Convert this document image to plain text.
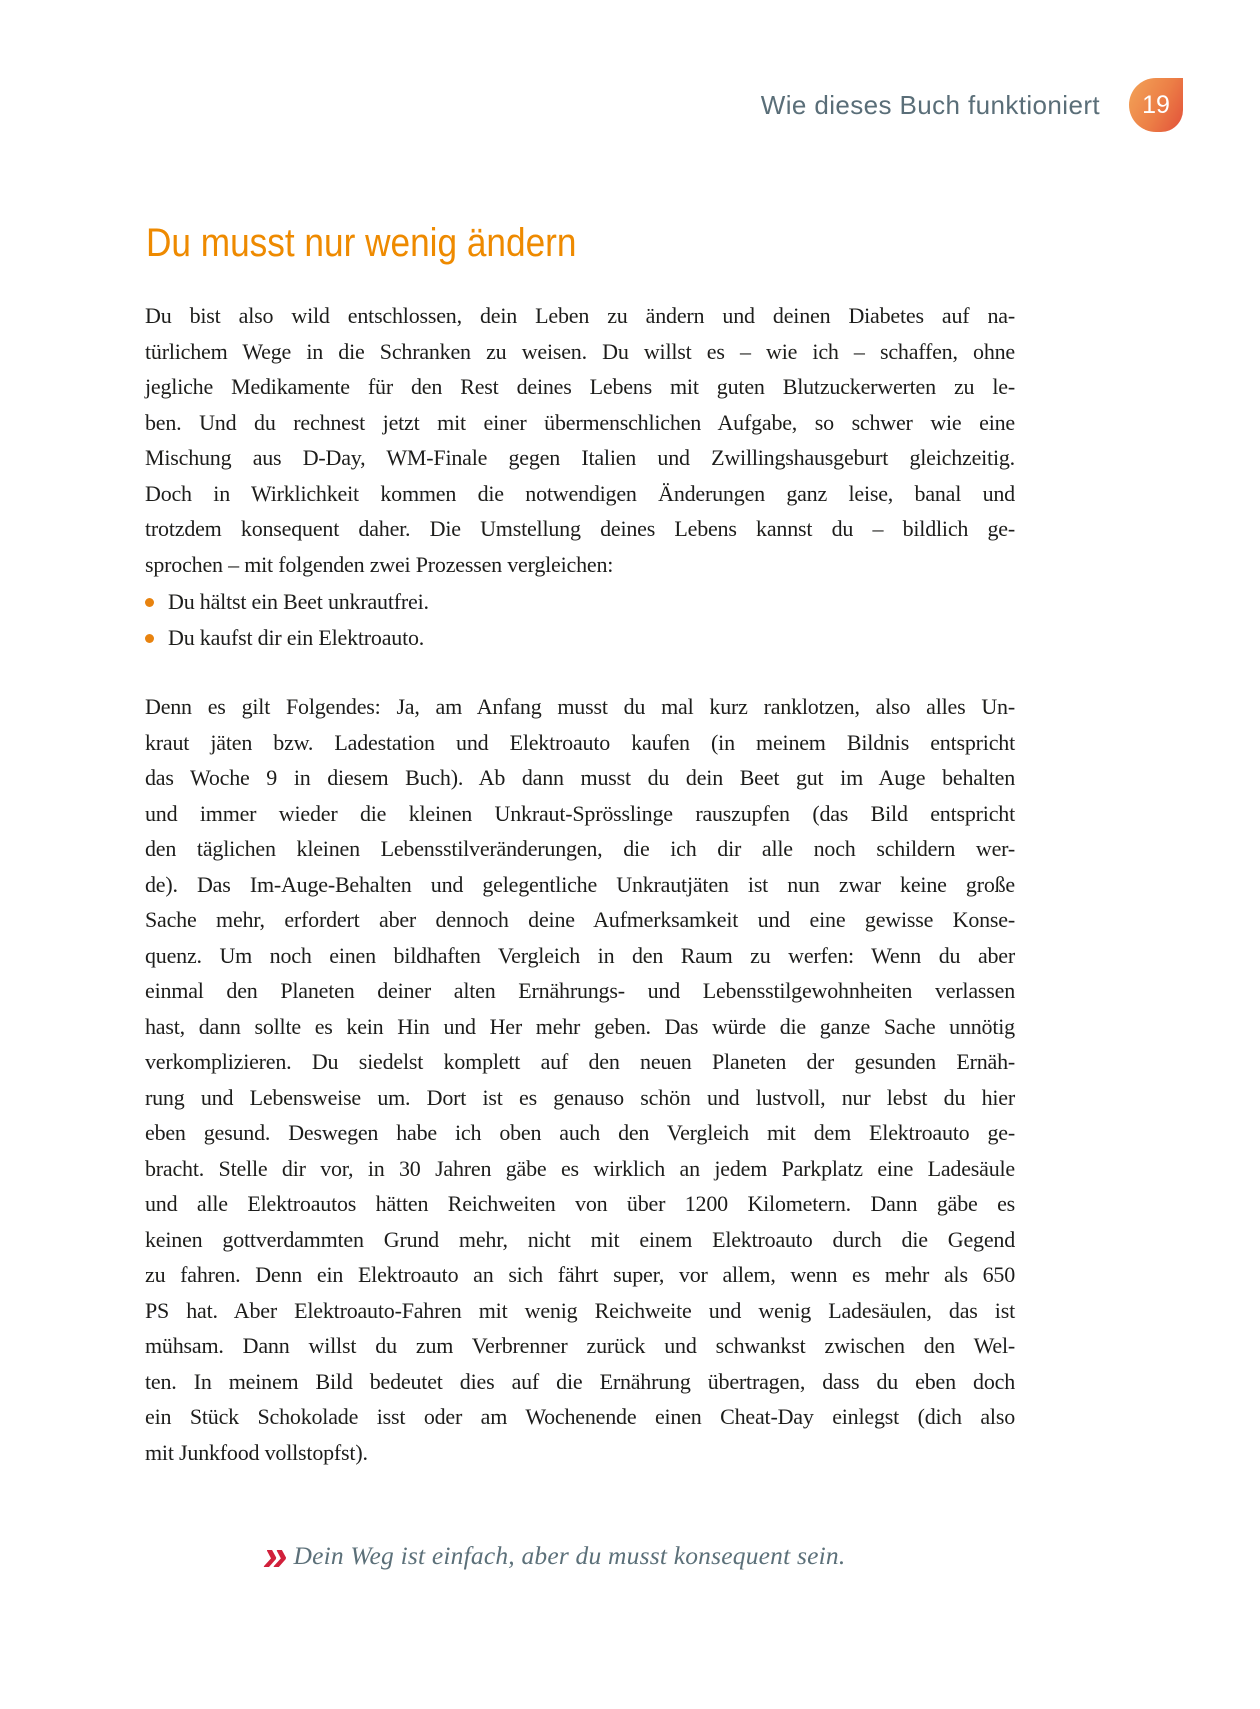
Wie dieses Buch funktioniert 19
Du musst nur wenig ändern
Du bist also wild entschlossen, dein Leben zu ändern und deinen Diabetes auf na-
türlichem Wege in die Schranken zu weisen. Du willst es – wie ich – schaffen, ohne
jegliche Medikamente für den Rest deines Lebens mit guten Blutzuckerwerten zu le-
ben. Und du rechnest jetzt mit einer übermenschlichen Aufgabe, so schwer wie eine
Mischung aus D-Day, WM-Finale gegen Italien und Zwillingshausgeburt gleichzeitig.
Doch in Wirklichkeit kommen die notwendigen Änderungen ganz leise, banal und
trotzdem konsequent daher. Die Umstellung deines Lebens kannst du – bildlich ge-
sprochen – mit folgenden zwei Prozessen vergleichen:
Du hältst ein Beet unkrautfrei.
Du kaufst dir ein Elektroauto.
Denn es gilt Folgendes: Ja, am Anfang musst du mal kurz ranklotzen, also alles Un-
kraut jäten bzw. Ladestation und Elektroauto kaufen (in meinem Bildnis entspricht
das Woche 9 in diesem Buch). Ab dann musst du dein Beet gut im Auge behalten
und immer wieder die kleinen Unkraut-Sprösslinge rauszupfen (das Bild entspricht
den täglichen kleinen Lebensstilveränderungen, die ich dir alle noch schildern wer-
de). Das Im-Auge-Behalten und gelegentliche Unkrautjäten ist nun zwar keine große
Sache mehr, erfordert aber dennoch deine Aufmerksamkeit und eine gewisse Konse-
quenz. Um noch einen bildhaften Vergleich in den Raum zu werfen: Wenn du aber
einmal den Planeten deiner alten Ernährungs- und Lebensstilgewohnheiten verlassen
hast, dann sollte es kein Hin und Her mehr geben. Das würde die ganze Sache unnötig
verkomplizieren. Du siedelst komplett auf den neuen Planeten der gesunden Ernäh-
rung und Lebensweise um. Dort ist es genauso schön und lustvoll, nur lebst du hier
eben gesund. Deswegen habe ich oben auch den Vergleich mit dem Elektroauto ge-
bracht. Stelle dir vor, in 30 Jahren gäbe es wirklich an jedem Parkplatz eine Ladesäule
und alle Elektroautos hätten Reichweiten von über 1200 Kilometern. Dann gäbe es
keinen gottverdammten Grund mehr, nicht mit einem Elektroauto durch die Gegend
zu fahren. Denn ein Elektroauto an sich fährt super, vor allem, wenn es mehr als 650
PS hat. Aber Elektroauto-Fahren mit wenig Reichweite und wenig Ladesäulen, das ist
mühsam. Dann willst du zum Verbrenner zurück und schwankst zwischen den Wel-
ten. In meinem Bild bedeutet dies auf die Ernährung übertragen, dass du eben doch
ein Stück Schokolade isst oder am Wochenende einen Cheat-Day einlegst (dich also
mit Junkfood vollstopfst).
» Dein Weg ist einfach, aber du musst konsequent sein.
